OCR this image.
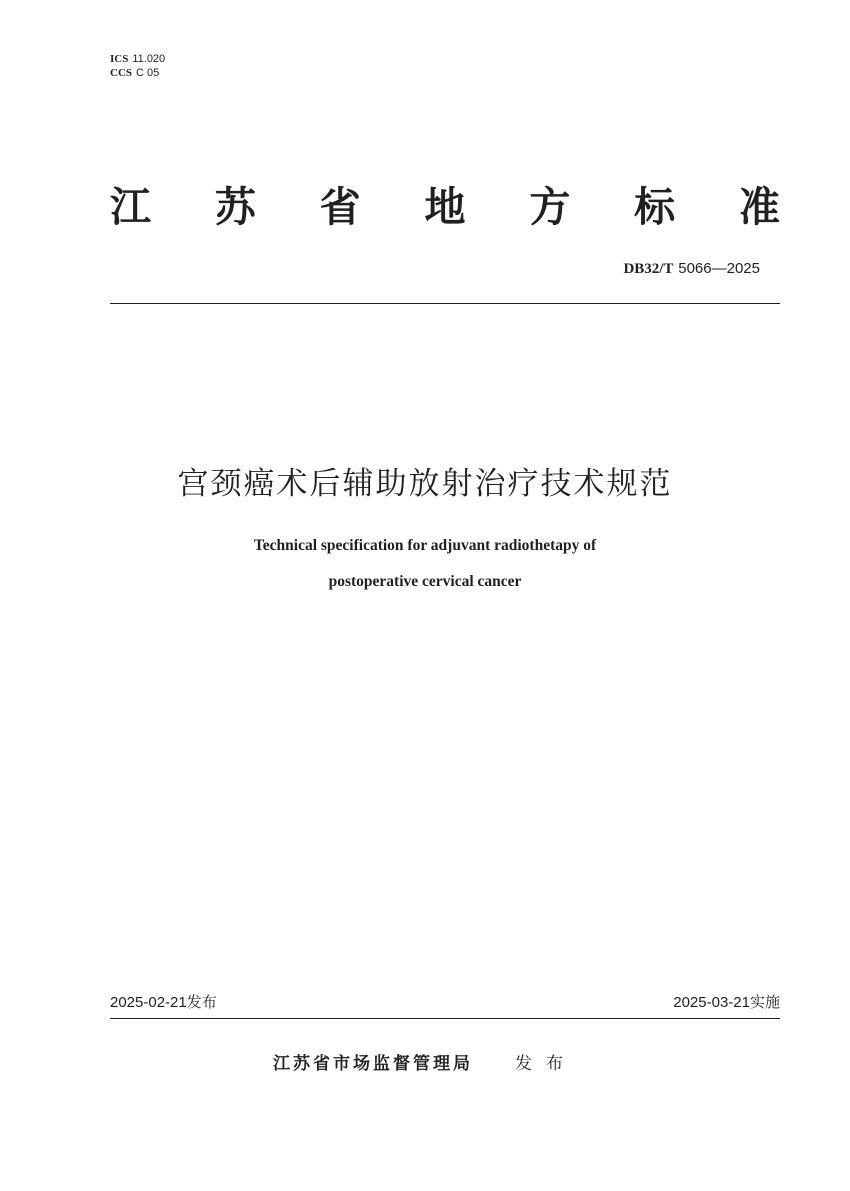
ICS 11.020
CCS C 05
江 苏 省 地 方 标 准
DB32/T 5066—2025
宫颈癌术后辅助放射治疗技术规范
Technical specification for adjuvant radiothetapy of
postoperative cervical cancer
2025-02-21发布	2025-03-21实施
江苏省市场监督管理局 发布
